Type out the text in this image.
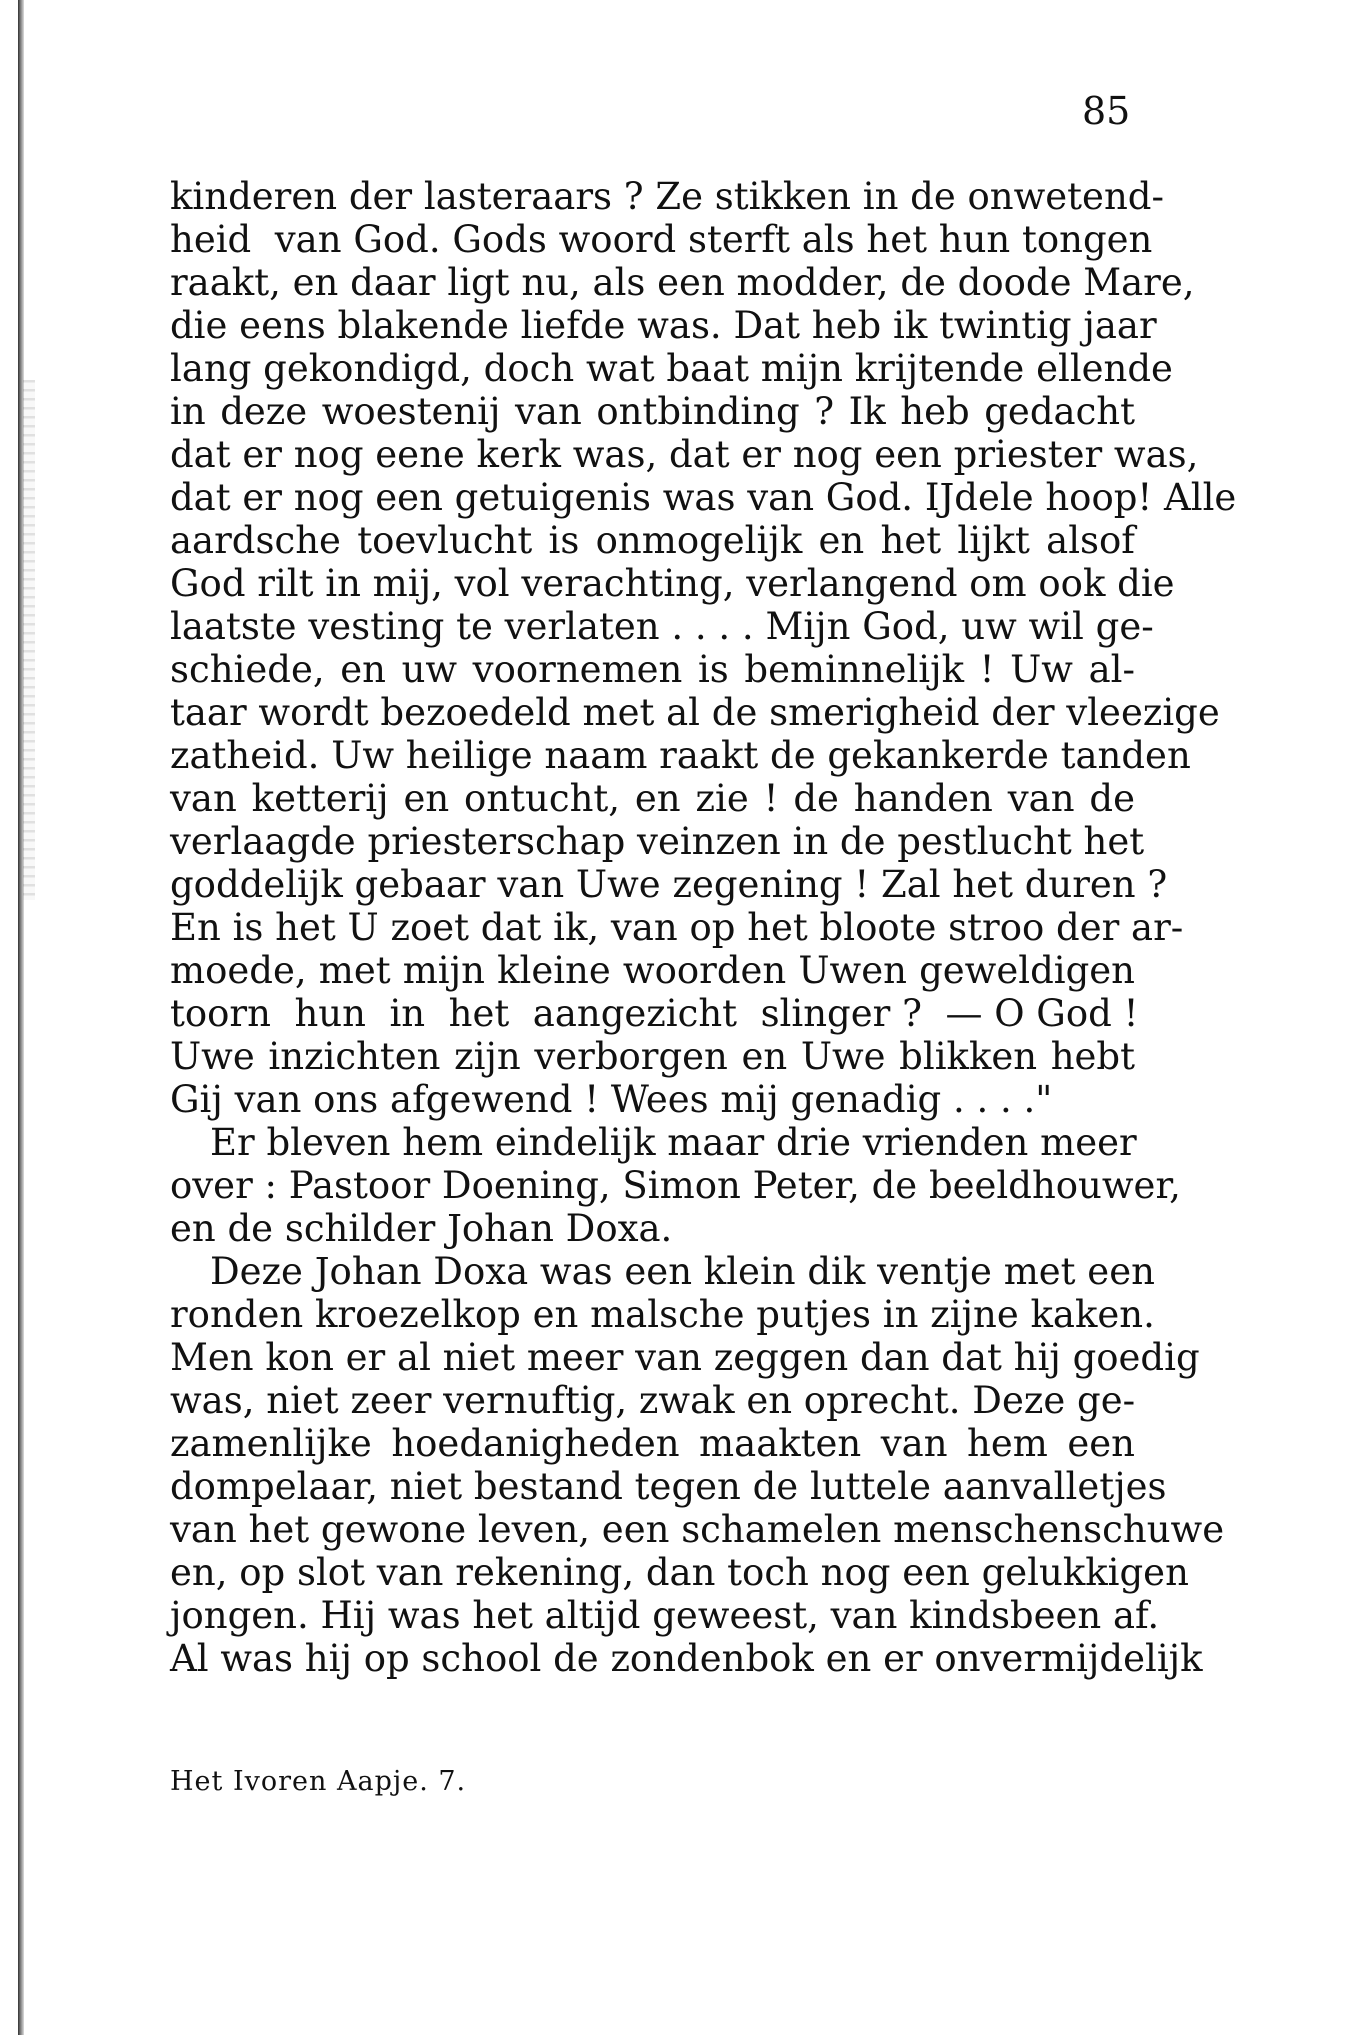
85
kinderen der lasteraars ? Ze stikken in de onwetend-
heid  van God. Gods woord sterft als het hun tongen
raakt, en daar ligt nu, als een modder, de doode Mare,
die eens blakende liefde was. Dat heb ik twintig jaar
lang gekondigd, doch wat baat mijn krijtende ellende
in deze woestenij van ontbinding ? Ik heb gedacht
dat er nog eene kerk was, dat er nog een priester was,
dat er nog een getuigenis was van God. IJdele hoop! Alle
aardsche toevlucht is onmogelijk en het lijkt alsof
God rilt in mij, vol verachting, verlangend om ook die
laatste vesting te verlaten . . . . Mijn God, uw wil ge-
schiede, en uw voornemen is beminnelijk ! Uw al-
taar wordt bezoedeld met al de smerigheid der vleezige
zatheid. Uw heilige naam raakt de gekankerde tanden
van ketterij en ontucht, en zie ! de handen van de
verlaagde priesterschap veinzen in de pestlucht het
goddelijk gebaar van Uwe zegening ! Zal het duren ?
En is het U zoet dat ik, van op het bloote stroo der ar-
moede, met mijn kleine woorden Uwen geweldigen
toorn  hun  in  het  aangezicht  slinger ?  — O God !
Uwe inzichten zijn verborgen en Uwe blikken hebt
Gij van ons afgewend ! Wees mij genadig . . . ."
Er bleven hem eindelijk maar drie vrienden meer
over : Pastoor Doening, Simon Peter, de beeldhouwer,
en de schilder Johan Doxa.
Deze Johan Doxa was een klein dik ventje met een
ronden kroezelkop en malsche putjes in zijne kaken.
Men kon er al niet meer van zeggen dan dat hij goedig
was, niet zeer vernuftig, zwak en oprecht. Deze ge-
zamenlijke hoedanigheden maakten van hem een
dompelaar, niet bestand tegen de luttele aanvalletjes
van het gewone leven, een schamelen menschenschuwe
en, op slot van rekening, dan toch nog een gelukkigen
jongen. Hij was het altijd geweest, van kindsbeen af.
Al was hij op school de zondenbok en er onvermijdelijk
Het Ivoren Aapje. 7.
